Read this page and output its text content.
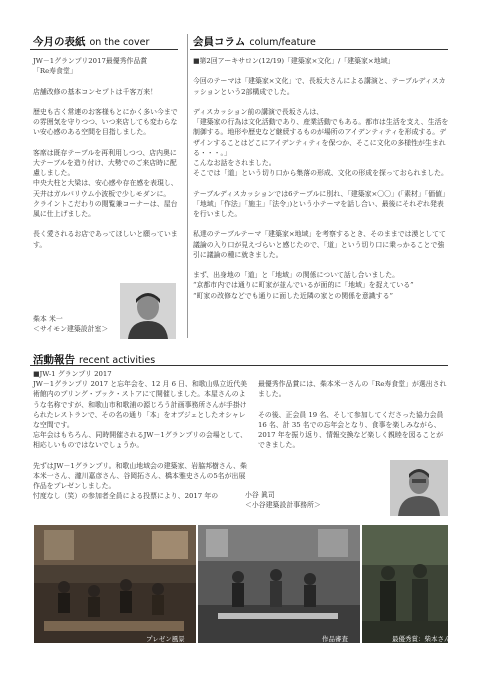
今月の表紙 on the cover

JW－1グランプリ2017最優秀作品賞
「Re寿食堂」

店舗改修の基本コンセプトは千客万来！

歴史も古く常連のお客様もとにかく多い今までの雰囲気を守りつつ、いつ来店しても変わらない安心感のある空間を目指しました。

客席は既存テーブルを再利用しつつ、店内奥に大テーブルを造り付け、大勢でのご来店時に配慮しました。
中央大柱と大梁は、安心感や存在感を表現し、天井はガルバリウム小波板で少しモダンに。
クライントこだわりの閲覧兼コーナーは、屋台風に仕上げました。

長く愛されるお店であってほしいと願っています。

柴本 米一
＜サイモン建築設計室＞
会員コラム colum/feature

■第2回アーキサロン(12/19)「建築家×文化」/「建築家×地域」

今回のテーマは「建築家×文化」で、長坂大さんによる講演と、テーブルディスカッションという2部構成でした。

ディスカッション前の講演で長坂さんは、
「建築家の行為は文化活動であり、産業活動でもある。都市は生活を支え、生活を制御する。地形や歴史など継続するものが場所のアイデンティティを形成する。デザインすることはどこにアイデンティティを保つか、そこに文化の多様性が生まれる・・・。」
こんなお話をされました。
そこでは「道」という切り口から集落の形成、文化の形成を探っておられました。

テーブルディスカッションでは6テーブルに別れ、「建築家×〇〇」(「素材」「価値」「地域」「作法」「施主」「法令」)という小テーマを話し合い、最後にそれぞれ発表を行いました。

私達のテーブルテーマ「建築家×地域」を考察するとき、そのままでは漠としてて議論の入り口が見えづらいと感じたので、「道」という切り口に乗っかることで強引に議論の種に就きました。

まず、出身地の「道」と「地域」の関係について話し合いました。
“京都市内では通りに町家が並んでいるが面的に「地域」を捉えている”
“町家の改修などでも通りに面した近隣の家との関係を意識する”

活動報告 recent activities

■JW-1 グランプリ 2017

JW－1グランプリ 2017 と忘年会を、12 月 6 日、和歌山県立近代美術館内のプリング・ブック・ストアにて開催しました。本屋さんのような名称ですが、和歌山市和歌浦の源じろう計画事務所さんが手掛けられたレストランで、その名の通り「本」をオブジェとしたオシャレな空間です。
忘年会はもちろん、同時開催されるJW－1グランプリの会場として、相応しいものではないでしょうか。

先ずはJW－1グランプリ。和歌山地域会の建築家、岩脇邦樹さん、柴本米一さん、瀧川嘉彦さん、谷岡拓さん、橋本雅史さんの5名が出展作品をプレゼンしました。
忖度なし（笑）の参加者全員による投票により、2017 年の

最優秀作品賞には、柴本米一さんの「Re寿食堂」が選出されました。

その後、正会員 19 名、そして参加してくださった協力会員 16 名、計 35 名での忘年会となり、食事を楽しみながら、2017 年を振り返り、情報交換など楽しく親睦を図ることができました。

小谷 眞司
＜小谷建築設計事務所＞
プレゼン風景	作品審査	最優秀賞：柴本さん
